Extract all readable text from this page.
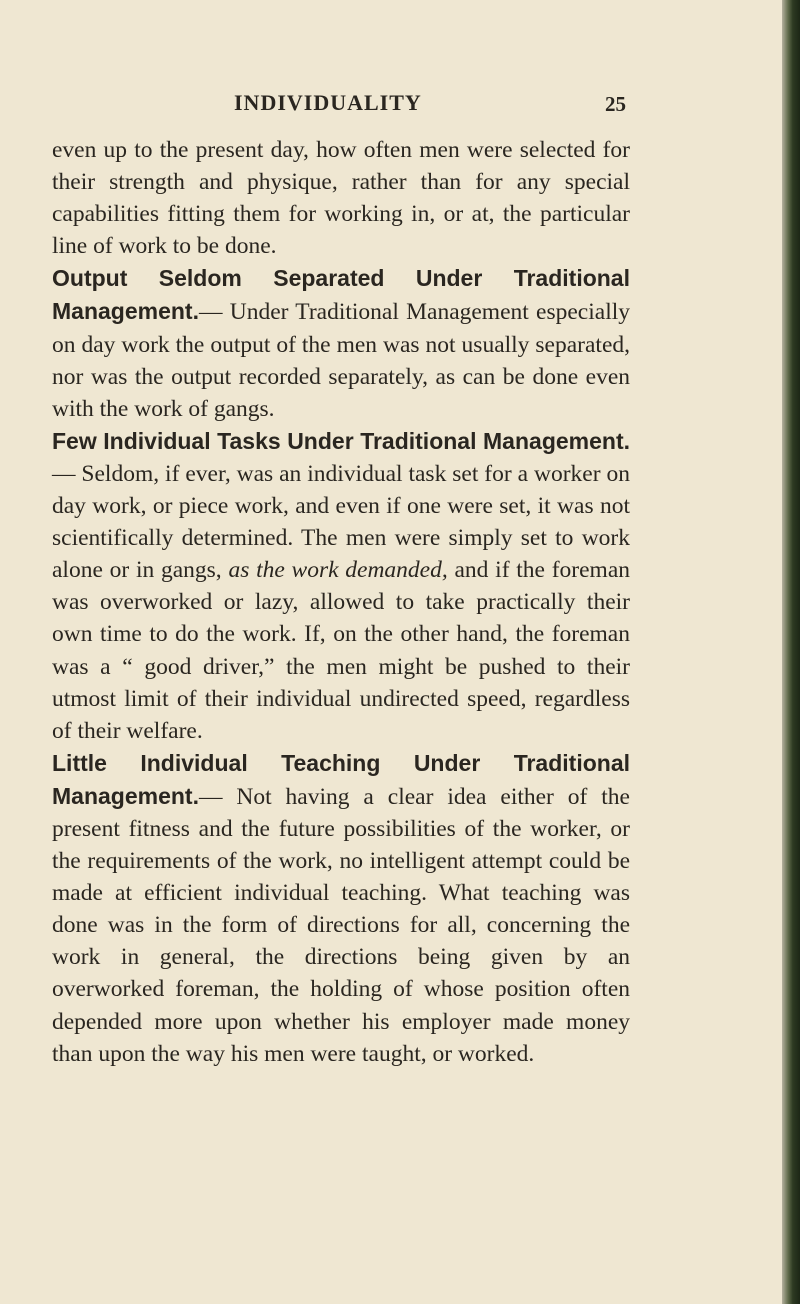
INDIVIDUALITY	25

even up to the present day, how often men were selected for their strength and physique, rather than for any special capabilities fitting them for working in, or at, the particular line of work to be done.

Output Seldom Separated Under Traditional Management.— Under Traditional Management especially on day work the output of the men was not usually separated, nor was the output recorded separately, as can be done even with the work of gangs.

Few Individual Tasks Under Traditional Management.— Seldom, if ever, was an individual task set for a worker on day work, or piece work, and even if one were set, it was not scientifically determined. The men were simply set to work alone or in gangs, as the work demanded, and if the foreman was overworked or lazy, allowed to take practically their own time to do the work. If, on the other hand, the foreman was a “ good driver,” the men might be pushed to their utmost limit of their individual undirected speed, regardless of their welfare.

Little Individual Teaching Under Traditional Management.— Not having a clear idea either of the present fitness and the future possibilities of the worker, or the requirements of the work, no intelligent attempt could be made at efficient individual teaching. What teaching was done was in the form of directions for all, concerning the work in general, the directions being given by an overworked foreman, the holding of whose position often depended more upon whether his employer made money than upon the way his men were taught, or worked.
